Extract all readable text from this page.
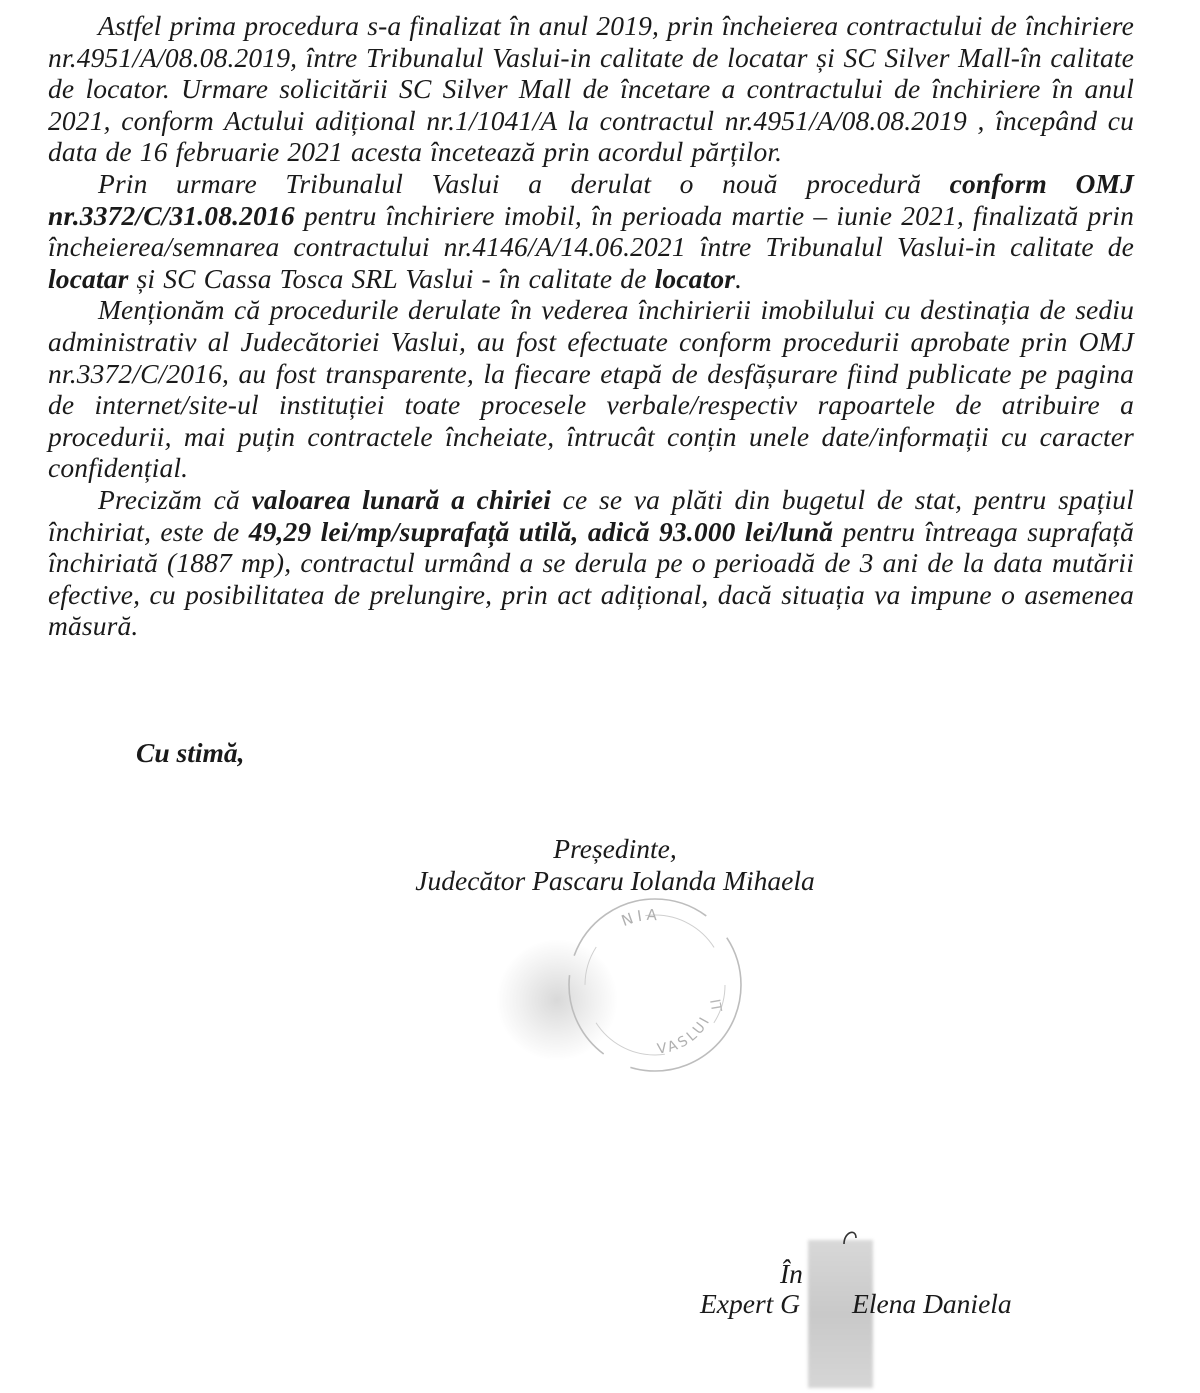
Astfel prima procedura s-a finalizat în anul 2019, prin încheierea contractului de închiriere nr.4951/A/08.08.2019, între Tribunalul Vaslui-in calitate de locatar și SC Silver Mall-în calitate de locator. Urmare solicitării SC Silver Mall de încetare a contractului de închiriere în anul 2021, conform Actului adițional nr.1/1041/A la contractul nr.4951/A/08.08.2019 , începând cu data de 16 februarie 2021 acesta încetează prin acordul părților.

Prin urmare Tribunalul Vaslui a derulat o nouă procedură conform OMJ nr.3372/C/31.08.2016 pentru închiriere imobil, în perioada martie – iunie 2021, finalizată prin încheierea/semnarea contractului nr.4146/A/14.06.2021 între Tribunalul Vaslui-in calitate de locatar și SC Cassa Tosca SRL Vaslui - în calitate de locator.

Menționăm că procedurile derulate în vederea închirierii imobilului cu destinația de sediu administrativ al Judecătoriei Vaslui, au fost efectuate conform procedurii aprobate prin OMJ nr.3372/C/2016, au fost transparente, la fiecare etapă de desfășurare fiind publicate pe pagina de internet/site-ul instituției toate procesele verbale/respectiv rapoartele de atribuire a procedurii, mai puțin contractele încheiate, întrucât conțin unele date/informații cu caracter confidențial.

Precizăm că valoarea lunară a chiriei ce se va plăti din bugetul de stat, pentru spațiul închiriat, este de 49,29 lei/mp/suprafață utilă, adică 93.000 lei/lună pentru întreaga suprafață închiriată (1887 mp), contractul urmând a se derula pe o perioadă de 3 ani de la data mutării efective, cu posibilitatea de prelungire, prin act adițional, dacă situația va impune o asemenea măsură.

Cu stimă,
Președinte,
Judecător Pascaru Iolanda Mihaela
NIA
VASLUI
IT
În
Expert G Elena Daniela
